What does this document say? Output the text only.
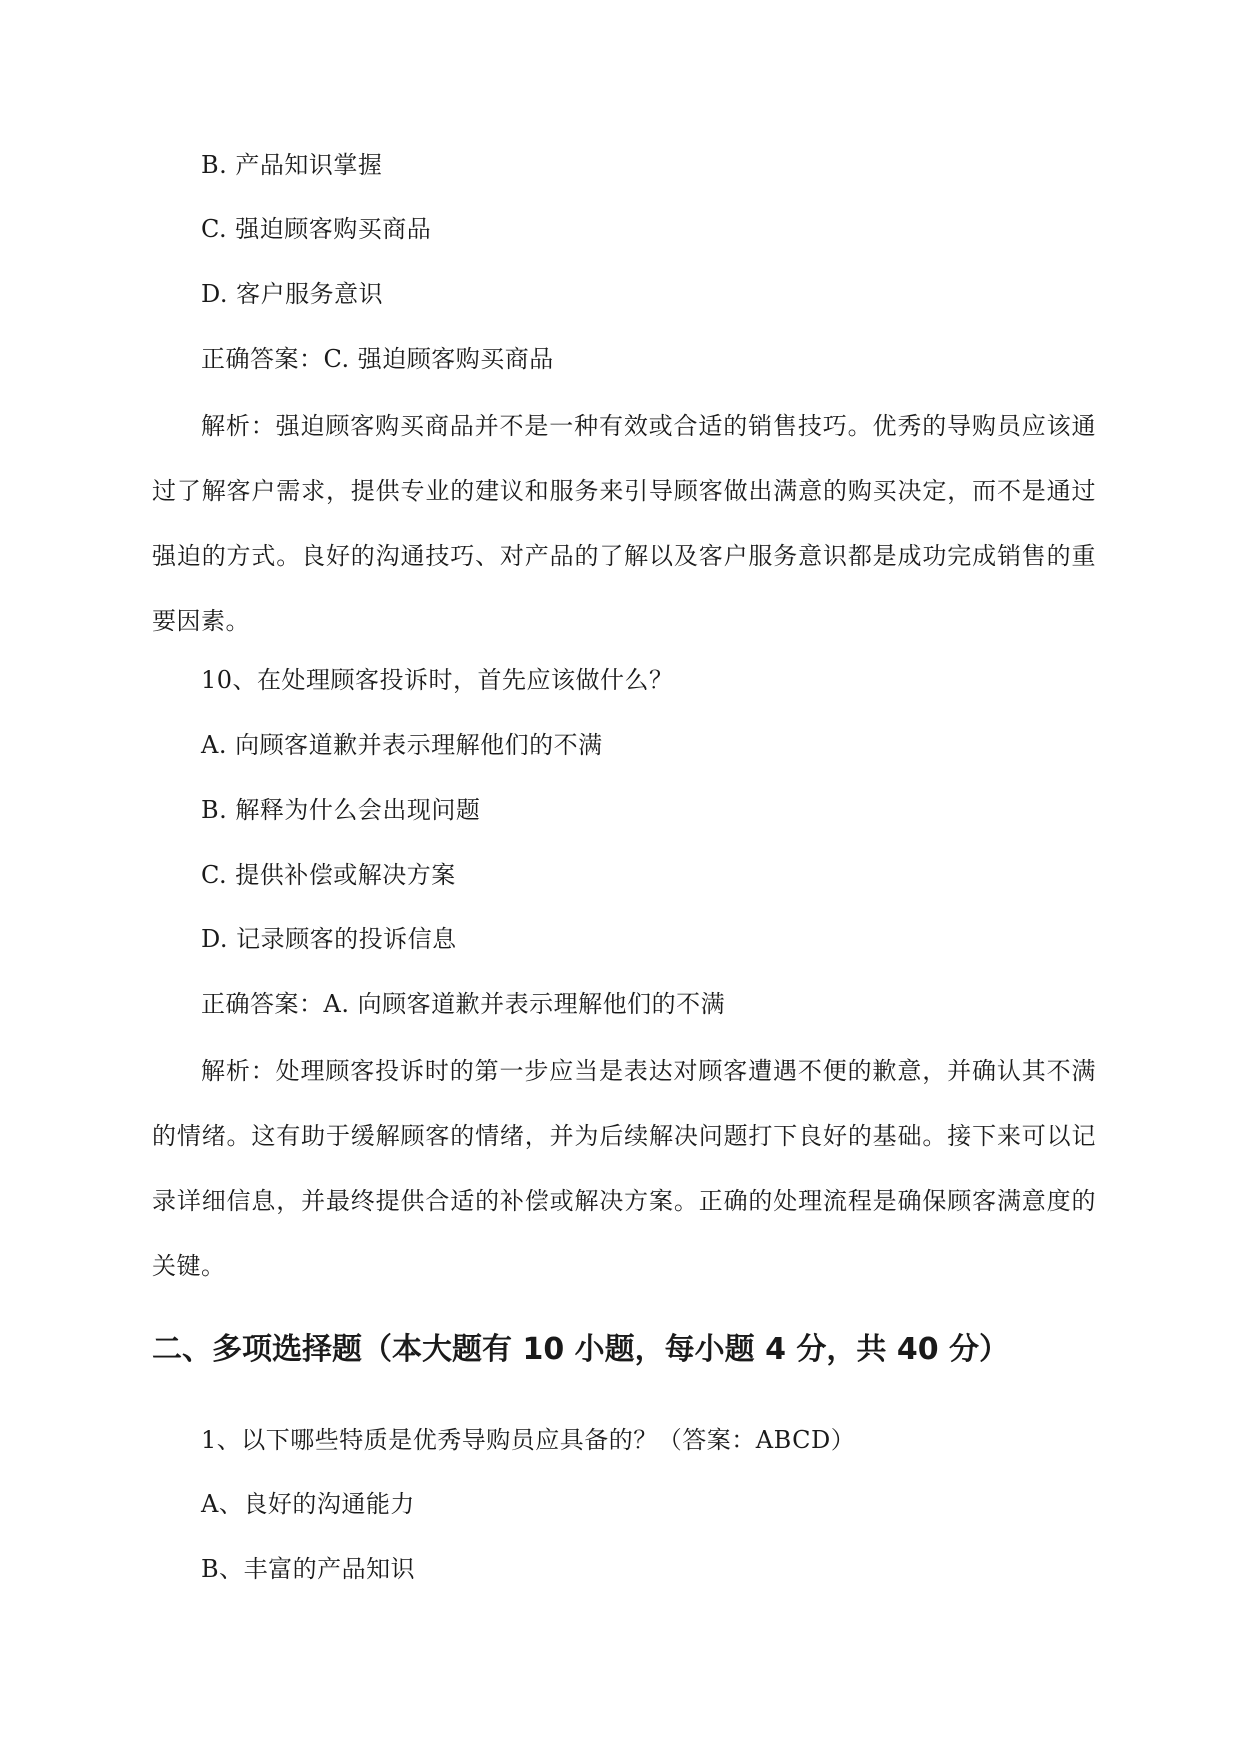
B. 产品知识掌握
C. 强迫顾客购买商品
D. 客户服务意识
正确答案：C. 强迫顾客购买商品
解析：强迫顾客购买商品并不是一种有效或合适的销售技巧。优秀的导购员应该通过了解客户需求，提供专业的建议和服务来引导顾客做出满意的购买决定，而不是通过强迫的方式。良好的沟通技巧、对产品的了解以及客户服务意识都是成功完成销售的重要因素。
10、在处理顾客投诉时，首先应该做什么？
A. 向顾客道歉并表示理解他们的不满
B. 解释为什么会出现问题
C. 提供补偿或解决方案
D. 记录顾客的投诉信息
正确答案：A. 向顾客道歉并表示理解他们的不满
解析：处理顾客投诉时的第一步应当是表达对顾客遭遇不便的歉意，并确认其不满的情绪。这有助于缓解顾客的情绪，并为后续解决问题打下良好的基础。接下来可以记录详细信息，并最终提供合适的补偿或解决方案。正确的处理流程是确保顾客满意度的关键。
二、多项选择题（本大题有 10 小题，每小题 4 分，共 40 分）
1、以下哪些特质是优秀导购员应具备的？（答案：ABCD）
A、良好的沟通能力
B、丰富的产品知识
